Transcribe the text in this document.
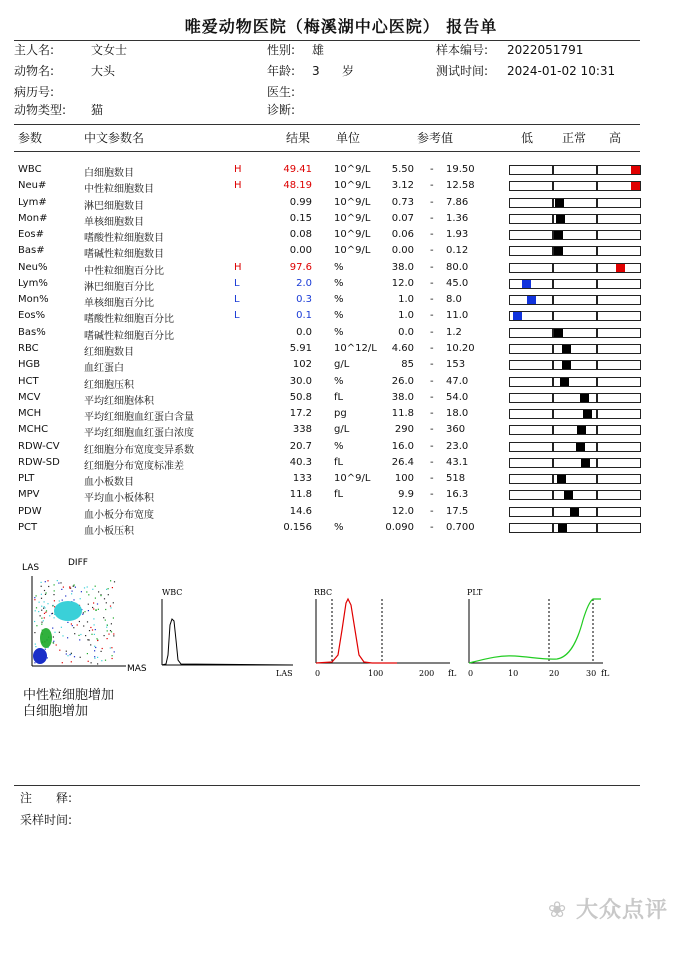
唯爱动物医院（梅溪湖中心医院） 报告单
主人名:	文女士
动物名:	大头
病历号:
动物类型: 猫
性别: 雄
年龄: 3 岁
医生:
诊断:
样本编号: 2022051791
测试时间: 2024-01-02 10:31
参数	中文参数名	结果 单位	参考值	低 正常 高
WBC	白细胞数目	H	49.41 10^9/L 5.50 - 19.50
Neu#	中性粒细胞数目	H	48.19 10^9/L 3.12 - 12.58
Lym#	淋巴细胞数目	0.99 10^9/L 0.73 - 7.86
Mon#	单核细胞数目	0.15 10^9/L 0.07 - 1.36
Eos#	嗜酸性粒细胞数目	0.08 10^9/L 0.06 - 1.93
Bas#	嗜碱性粒细胞数目	0.00 10^9/L 0.00 - 0.12
Neu%	中性粒细胞百分比	H	97.6 %	38.0 - 80.0
Lym%	淋巴细胞百分比	L	2.0 %	12.0 - 45.0
Mon%	单核细胞百分比	L	0.3 %	1.0 - 8.0
Eos%	嗜酸性粒细胞百分比	L	0.1 %	1.0 - 11.0
Bas%	嗜碱性粒细胞百分比	0.0 %	0.0 - 1.2
RBC	红细胞数目	5.91 10^12/L 4.60 - 10.20
HGB	血红蛋白	102 g/L	85 - 153
HCT	红细胞压积	30.0 %	26.0 - 47.0
MCV	平均红细胞体积	50.8 fL	38.0 - 54.0
MCH	平均红细胞血红蛋白含量	17.2 pg	11.8 - 18.0
MCHC	平均红细胞血红蛋白浓度	338 g/L	290 - 360
RDW-CV 红细胞分布宽度变异系数	20.7 %	16.0 - 23.0
RDW-SD 红细胞分布宽度标准差	40.3 fL	26.4 - 43.1
PLT	血小板数目	133 10^9/L 100 - 518
MPV	平均血小板体积	11.8 fL	9.9 - 16.3
PDW	血小板分布宽度	14.6	12.0 - 17.5
PCT	血小板压积	0.156 %	0.090 - 0.700
LAS	DIFF
MAS
WBC
LAS
RBC
0	100	200 fL
PLT
0	10	20	30 fL
中性粒细胞增加
白细胞增加
注　　释:
采样时间:
❀ 大众点评
